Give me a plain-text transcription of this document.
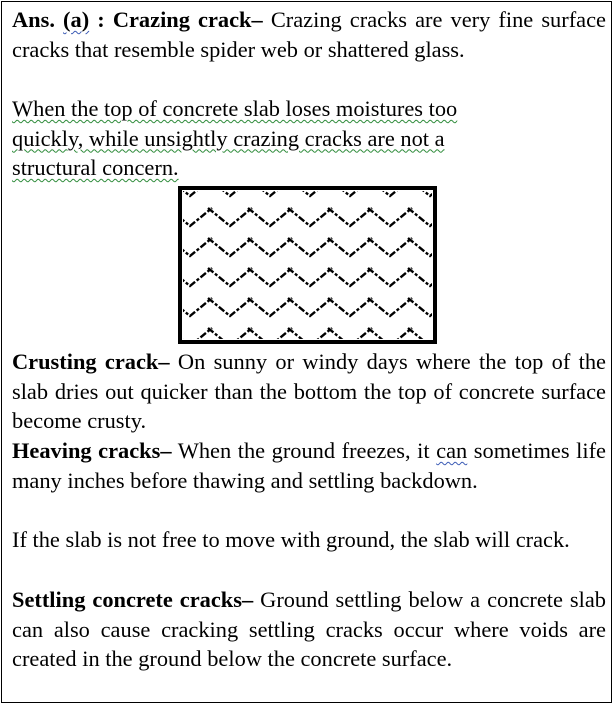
Ans. (a) : Crazing crack– Crazing cracks are very fine surface cracks that resemble spider web or shattered glass.
When the top of concrete slab loses moistures too
quickly, while unsightly crazing cracks are not a
structural concern.
Crusting crack– On sunny or windy days where the top of the slab dries out quicker than the bottom the top of concrete surface become crusty.
Heaving cracks– When the ground freezes, it can sometimes life many inches before thawing and settling backdown.
If the slab is not free to move with ground, the slab will crack.
Settling concrete cracks– Ground settling below a concrete slab can also cause cracking settling cracks occur where voids are created in the ground below the concrete surface.
